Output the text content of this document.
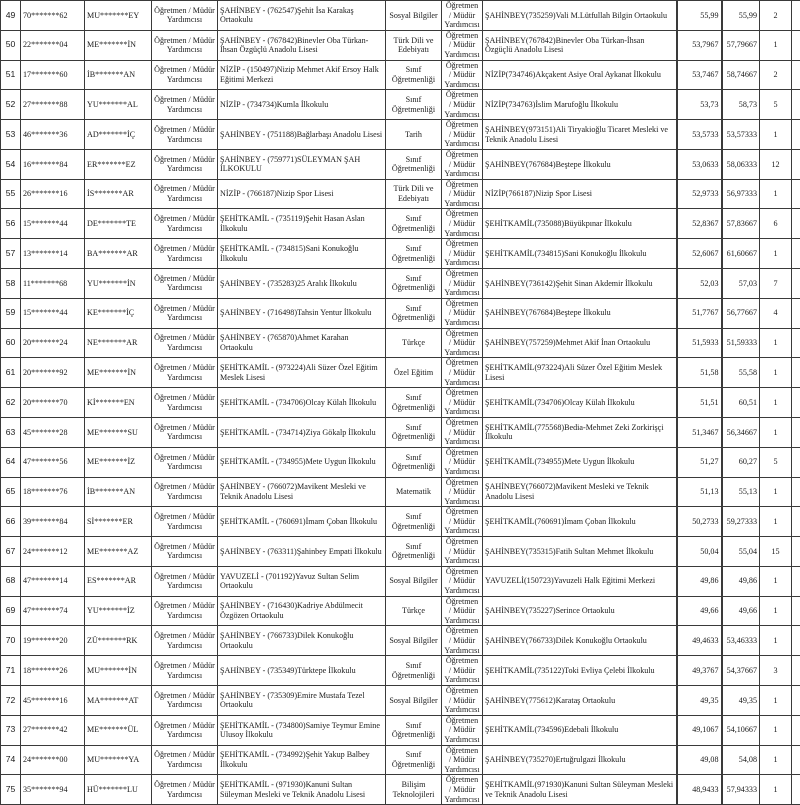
49	70*******62	MU*******EY	Öğretmen / Müdür Yardımcısı	ŞAHİNBEY - (762547)Şehit İsa Karakaş Ortaokulu	Sosyal Bilgiler	Öğretmen / Müdür Yardımcısı	ŞAHİNBEY(735259)Vali M.Lütfullah Bilgin Ortaokulu	55,99	55,99	2	
50	22*******04	ME*******İN	Öğretmen / Müdür Yardımcısı	ŞAHİNBEY - (767842)Binevler Oba Türkan-İhsan Özgüçlü Anadolu Lisesi	Türk Dili ve Edebiyatı	Öğretmen / Müdür Yardımcısı	ŞAHİNBEY(767842)Binevler Oba Türkan-İhsan Özgüçlü Anadolu Lisesi	53,7967	57,79667	1	
51	17*******60	İB*******AN	Öğretmen / Müdür Yardımcısı	NİZİP - (150497)Nizip Mehmet Akif Ersoy Halk Eğitimi Merkezi	Sınıf Öğretmenliği	Öğretmen / Müdür Yardımcısı	NİZİP(734746)Akçakent Asiye Oral Aykanat İlkokulu	53,7467	58,74667	2	
52	27*******88	YU*******AL	Öğretmen / Müdür Yardımcısı	NİZİP - (734734)Kumla İlkokulu	Sınıf Öğretmenliği	Öğretmen / Müdür Yardımcısı	NİZİP(734763)İslim Marufoğlu İlkokulu	53,73	58,73	5	
53	46*******36	AD*******İÇ	Öğretmen / Müdür Yardımcısı	ŞAHİNBEY - (751188)Bağlarbaşı Anadolu Lisesi	Tarih	Öğretmen / Müdür Yardımcısı	ŞAHİNBEY(973151)Ali Tiryakioğlu Ticaret Mesleki ve Teknik Anadolu Lisesi	53,5733	53,57333	1	
54	16*******84	ER*******EZ	Öğretmen / Müdür Yardımcısı	ŞAHİNBEY - (759771)SÜLEYMAN ŞAH İLKOKULU	Sınıf Öğretmenliği	Öğretmen / Müdür Yardımcısı	ŞAHİNBEY(767684)Beştepe İlkokulu	53,0633	58,06333	12	
55	26*******16	İS*******AR	Öğretmen / Müdür Yardımcısı	NİZİP - (766187)Nizip Spor Lisesi	Türk Dili ve Edebiyatı	Öğretmen / Müdür Yardımcısı	NİZİP(766187)Nizip Spor Lisesi	52,9733	56,97333	1	
56	15*******44	DE*******TE	Öğretmen / Müdür Yardımcısı	ŞEHİTKAMİL - (735119)Şehit Hasan Aslan İlkokulu	Sınıf Öğretmenliği	Öğretmen / Müdür Yardımcısı	ŞEHİTKAMİL(735088)Büyükpınar İlkokulu	52,8367	57,83667	6	
57	13*******14	BA*******AR	Öğretmen / Müdür Yardımcısı	ŞEHİTKAMİL - (734815)Sani Konukoğlu İlkokulu	Sınıf Öğretmenliği	Öğretmen / Müdür Yardımcısı	ŞEHİTKAMİL(734815)Sani Konukoğlu İlkokulu	52,6067	61,60667	1	
58	11*******68	YU*******İN	Öğretmen / Müdür Yardımcısı	ŞAHİNBEY - (735283)25 Aralık İlkokulu	Sınıf Öğretmenliği	Öğretmen / Müdür Yardımcısı	ŞAHİNBEY(736142)Şehit Sinan Akdemir İlkokulu	52,03	57,03	7	
59	15*******44	KE*******İÇ	Öğretmen / Müdür Yardımcısı	ŞAHİNBEY - (716498)Tahsin Yentur İlkokulu	Sınıf Öğretmenliği	Öğretmen / Müdür Yardımcısı	ŞAHİNBEY(767684)Beştepe İlkokulu	51,7767	56,77667	4	
60	20*******24	NE*******AR	Öğretmen / Müdür Yardımcısı	ŞAHİNBEY - (765870)Ahmet Karahan Ortaokulu	Türkçe	Öğretmen / Müdür Yardımcısı	ŞAHİNBEY(757259)Mehmet Akif İnan Ortaokulu	51,5933	51,59333	1	
61	20*******92	ME*******İN	Öğretmen / Müdür Yardımcısı	ŞEHİTKAMİL - (973224)Ali Süzer Özel Eğitim Meslek Lisesi	Özel Eğitim	Öğretmen / Müdür Yardımcısı	ŞEHİTKAMİL(973224)Ali Süzer Özel Eğitim Meslek Lisesi	51,58	55,58	1	
62	20*******70	Kİ*******EN	Öğretmen / Müdür Yardımcısı	ŞEHİTKAMİL - (734706)Olcay Külah İlkokulu	Sınıf Öğretmenliği	Öğretmen / Müdür Yardımcısı	ŞEHİTKAMİL(734706)Olcay Külah İlkokulu	51,51	60,51	1	
63	45*******28	ME*******SU	Öğretmen / Müdür Yardımcısı	ŞEHİTKAMİL - (734714)Ziya Gökalp İlkokulu	Sınıf Öğretmenliği	Öğretmen / Müdür Yardımcısı	ŞEHİTKAMİL(775568)Bedia-Mehmet Zeki Zorkirişçi İlkokulu	51,3467	56,34667	1	
64	47*******56	ME*******İZ	Öğretmen / Müdür Yardımcısı	ŞEHİTKAMİL - (734955)Mete Uygun İlkokulu	Sınıf Öğretmenliği	Öğretmen / Müdür Yardımcısı	ŞEHİTKAMİL(734955)Mete Uygun İlkokulu	51,27	60,27	5	
65	18*******76	İB*******AN	Öğretmen / Müdür Yardımcısı	ŞAHİNBEY - (766072)Mavikent Mesleki ve Teknik Anadolu Lisesi	Matematik	Öğretmen / Müdür Yardımcısı	ŞAHİNBEY(766072)Mavikent Mesleki ve Teknik Anadolu Lisesi	51,13	55,13	1	
66	39*******84	Sİ*******ER	Öğretmen / Müdür Yardımcısı	ŞEHİTKAMİL - (760691)İmam Çoban İlkokulu	Sınıf Öğretmenliği	Öğretmen / Müdür Yardımcısı	ŞEHİTKAMİL(760691)İmam Çoban İlkokulu	50,2733	59,27333	1	
67	24*******12	ME*******AZ	Öğretmen / Müdür Yardımcısı	ŞAHİNBEY - (763311)Şahinbey Empati İlkokulu	Sınıf Öğretmenliği	Öğretmen / Müdür Yardımcısı	ŞAHİNBEY(735315)Fatih Sultan Mehmet İlkokulu	50,04	55,04	15	
68	47*******14	ES*******AR	Öğretmen / Müdür Yardımcısı	YAVUZELİ - (701192)Yavuz Sultan Selim Ortaokulu	Sosyal Bilgiler	Öğretmen / Müdür Yardımcısı	YAVUZELİ(150723)Yavuzeli Halk Eğitimi Merkezi	49,86	49,86	1	
69	47*******74	YU*******İZ	Öğretmen / Müdür Yardımcısı	ŞAHİNBEY - (716430)Kadriye Abdülmecit Özgözen Ortaokulu	Türkçe	Öğretmen / Müdür Yardımcısı	ŞAHİNBEY(735227)Serince Ortaokulu	49,66	49,66	1	
70	19*******20	ZÜ*******RK	Öğretmen / Müdür Yardımcısı	ŞAHİNBEY - (766733)Dilek Konukoğlu Ortaokulu	Sosyal Bilgiler	Öğretmen / Müdür Yardımcısı	ŞAHİNBEY(766733)Dilek Konukoğlu Ortaokulu	49,4633	53,46333	1	
71	18*******26	MU*******İN	Öğretmen / Müdür Yardımcısı	ŞAHİNBEY - (735349)Türktepe İlkokulu	Sınıf Öğretmenliği	Öğretmen / Müdür Yardımcısı	ŞEHİTKAMİL(735122)Toki Evliya Çelebi İlkokulu	49,3767	54,37667	3	
72	45*******16	MA*******AT	Öğretmen / Müdür Yardımcısı	ŞAHİNBEY - (735309)Emire Mustafa Tezel Ortaokulu	Sosyal Bilgiler	Öğretmen / Müdür Yardımcısı	ŞAHİNBEY(775612)Karataş Ortaokulu	49,35	49,35	1	
73	27*******42	ME*******ÜL	Öğretmen / Müdür Yardımcısı	ŞEHİTKAMİL - (734800)Samiye Teymur Emine Ulusoy İlkokulu	Sınıf Öğretmenliği	Öğretmen / Müdür Yardımcısı	ŞEHİTKAMİL(734596)Edebali İlkokulu	49,1067	54,10667	1	
74	24*******00	MU*******YA	Öğretmen / Müdür Yardımcısı	ŞEHİTKAMİL - (734992)Şehit Yakup Balbey İlkokulu	Sınıf Öğretmenliği	Öğretmen / Müdür Yardımcısı	ŞAHİNBEY(735270)Ertuğrulgazi İlkokulu	49,08	54,08	1	
75	35*******94	HÜ*******LU	Öğretmen / Müdür Yardımcısı	ŞEHİTKAMİL - (971930)Kanuni Sultan Süleyman Mesleki ve Teknik Anadolu Lisesi	Bilişim Teknolojileri	Öğretmen / Müdür Yardımcısı	ŞEHİTKAMİL(971930)Kanuni Sultan Süleyman Mesleki ve Teknik Anadolu Lisesi	48,9433	57,94333	1	
